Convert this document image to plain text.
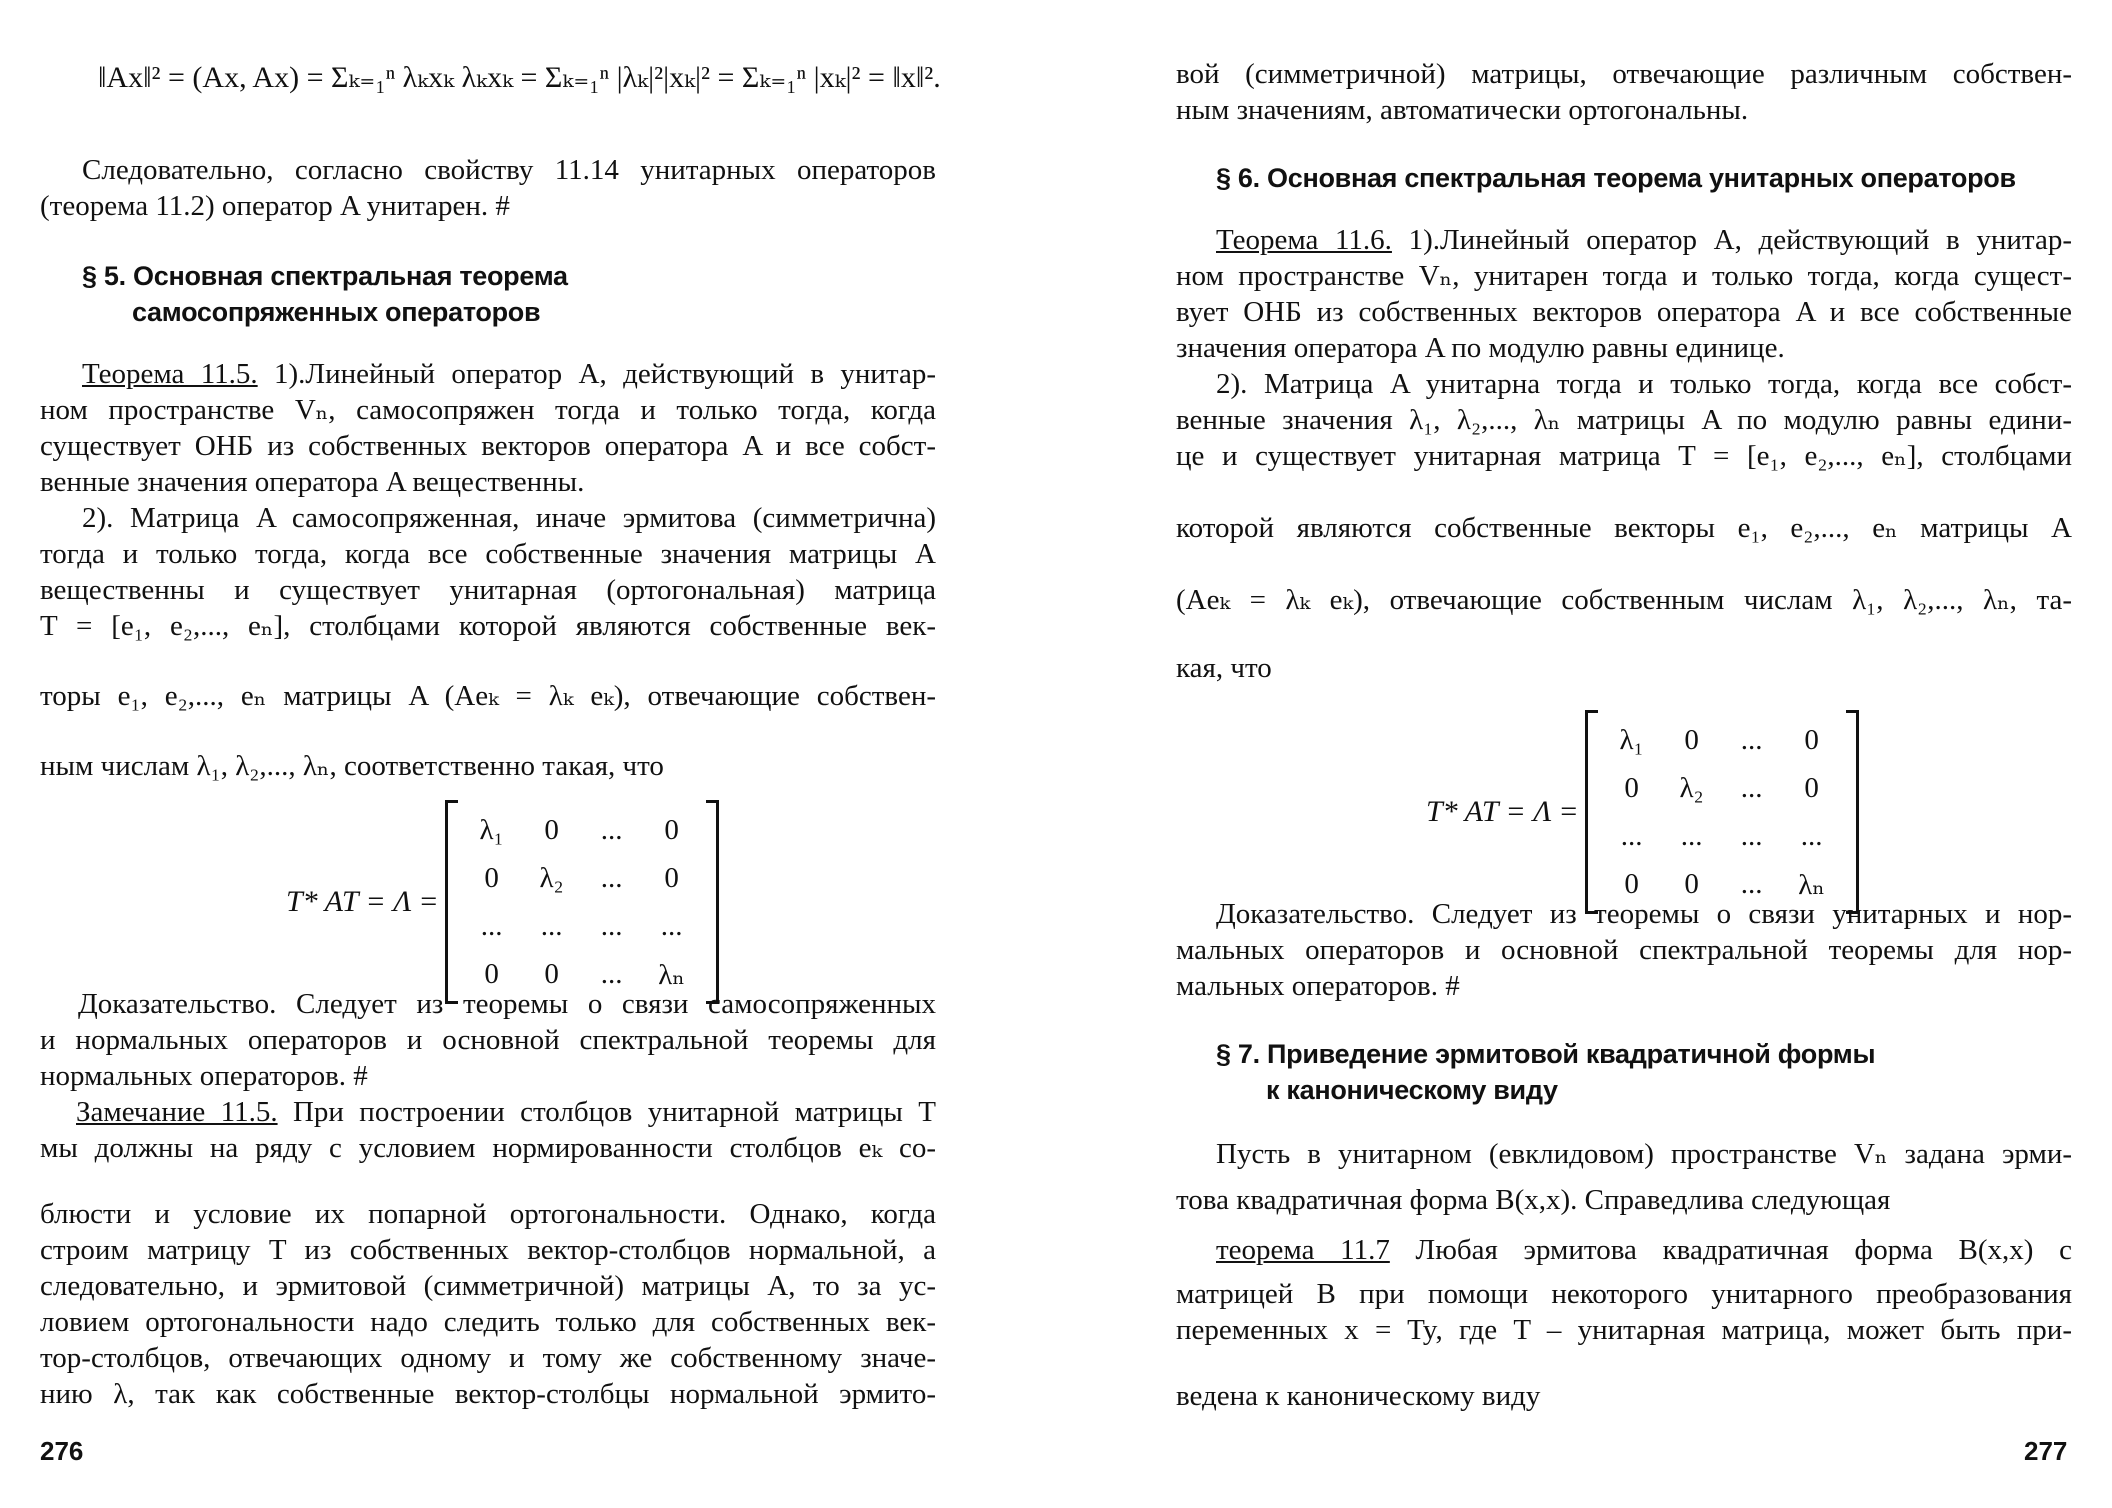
‖Ax‖² = (Ax, Ax) = Σₖ₌₁ⁿ λₖxₖ λₖxₖ = Σₖ₌₁ⁿ |λₖ|²|xₖ|² = Σₖ₌₁ⁿ |xₖ|² = ‖x‖².
Следовательно, согласно свойству 11.14 унитарных операторов
(теорема 11.2) оператор A унитарен. #
§ 5. Основная спектральная теорема
самосопряженных операторов
Теорема 11.5. 1).Линейный оператор A, действующий в унитар-
ном пространстве Vₙ, самосопряжен тогда и только тогда, когда
существует ОНБ из собственных векторов оператора A и все собст-
венные значения оператора A вещественны.
2). Матрица A самосопряженная, иначе эрмитова (симметрична)
тогда и только тогда, когда все собственные значения матрицы A
вещественны и существует унитарная (ортогональная) матрица
T = [e₁, e₂,..., eₙ], столбцами которой являются собственные век-
торы e₁, e₂,..., eₙ матрицы A (Aeₖ = λₖ eₖ), отвечающие собствен-
ным числам λ₁, λ₂,..., λₙ, соответственно такая, что
T* AT = Λ =
λ₁	0	...	0
0	λ₂	...	0
...	...	...	...
0	0	...	λₙ
Доказательство. Следует из теоремы о связи самосопряженных
и нормальных операторов и основной спектральной теоремы для
нормальных операторов. #
Замечание 11.5. При построении столбцов унитарной матрицы T
мы должны на ряду с условием нормированности столбцов eₖ со-
блюсти и условие их попарной ортогональности. Однако, когда
строим матрицу T из собственных вектор-столбцов нормальной, а
следовательно, и эрмитовой (симметричной) матрицы A, то за ус-
ловием ортогональности надо следить только для собственных век-
тор-столбцов, отвечающих одному и тому же собственному значе-
нию λ, так как собственные вектор-столбцы нормальной эрмито-
276
вой (симметричной) матрицы, отвечающие различным собствен-
ным значениям, автоматически ортогональны.
§ 6. Основная спектральная теорема унитарных операторов
Теорема 11.6. 1).Линейный оператор A, действующий в унитар-
ном пространстве Vₙ, унитарен тогда и только тогда, когда сущест-
вует ОНБ из собственных векторов оператора A и все собственные
значения оператора A по модулю равны единице.
2). Матрица A унитарна тогда и только тогда, когда все собст-
венные значения λ₁, λ₂,..., λₙ матрицы A по модулю равны едини-
це и существует унитарная матрица T = [e₁, e₂,..., eₙ], столбцами
которой являются собственные векторы e₁, e₂,..., eₙ матрицы A
(Aeₖ = λₖ eₖ), отвечающие собственным числам λ₁, λ₂,..., λₙ, та-
кая, что
T* AT = Λ =
λ₁	0	...	0
0	λ₂	...	0
...	...	...	...
0	0	...	λₙ
Доказательство. Следует из теоремы о связи унитарных и нор-
мальных операторов и основной спектральной теоремы для нор-
мальных операторов. #
§ 7. Приведение эрмитовой квадратичной формы
к каноническому виду
Пусть в унитарном (евклидовом) пространстве Vₙ задана эрми-
това квадратичная форма B(x,x). Справедлива следующая
теорема 11.7 Любая эрмитова квадратичная форма B(x,x) с
матрицей B при помощи некоторого унитарного преобразования
переменных x = Ty, где T – унитарная матрица, может быть при-
ведена к каноническому виду
277
